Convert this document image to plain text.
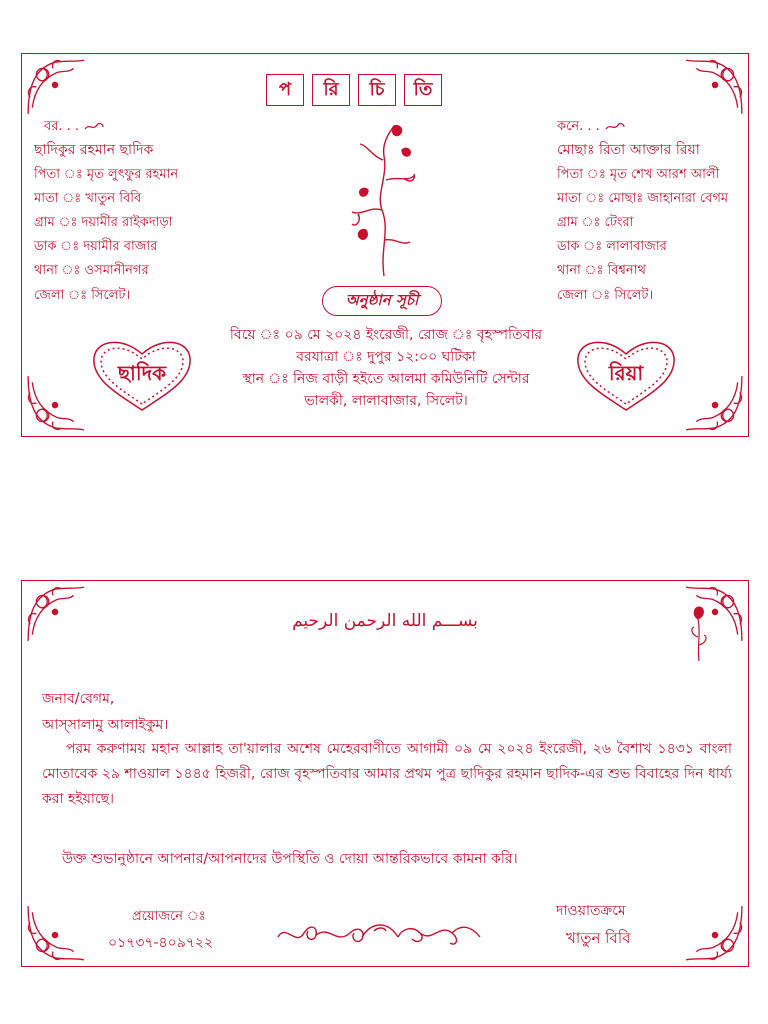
প	রি	চি	তি
বর. . .
ছাদিকুর রহমান ছাদিক
পিতা ঃ মৃত লুৎফুর রহমান
মাতা ঃ খাতুন বিবি
গ্রাম ঃ দয়ামীর রাইকদাড়া
ডাক ঃ দয়ামীর বাজার
থানা ঃ ওসমানীনগর
জেলা ঃ সিলেট।
কনে. . .
মোছাঃ রিতা আক্তার রিয়া
পিতা ঃ মৃত শেখ আরশ আলী
মাতা ঃ মোছাঃ জাহানারা বেগম
গ্রাম ঃ টেংরা
ডাক ঃ লালাবাজার
থানা ঃ বিশ্বনাথ
জেলা ঃ সিলেট।
ছাদিক	রিয়া
অনুষ্ঠান সূচী
বিয়ে ঃ ০৯ মে ২০২৪ ইংরেজী, রোজ ঃ বৃহস্পতিবার
বরযাত্রা ঃ দুপুর ১২:০০ ঘটিকা
স্থান ঃ নিজ বাড়ী হইতে আলমা কমিউনিটি সেন্টার
ভালকী, লালাবাজার, সিলেট।
بســـم الله الرحمن الرحيم
জনাব/বেগম,
আস্সালামু আলাইকুম।
পরম করুণাময় মহান আল্লাহ তা'য়ালার অশেষ মেহেরবাণীতে আগামী ০৯ মে ২০২৪ ইংরেজী, ২৬ বৈশাখ ১৪৩১ বাংলা মোতাবেক ২৯ শাওয়াল ১৪৪৫ হিজরী, রোজ বৃহস্পতিবার আমার প্রথম পুত্র ছাদিকুর রহমান ছাদিক-এর শুভ বিবাহের দিন ধার্য্য করা হইয়াছে।
উক্ত শুভানুষ্ঠানে আপনার/আপনাদের উপস্থিতি ও দোয়া আন্তরিকভাবে কামনা করি।
প্রয়োজনে ঃ
০১৭৩৭-৪০৯৭২২
দাওয়াতক্রমে
খাতুন বিবি
